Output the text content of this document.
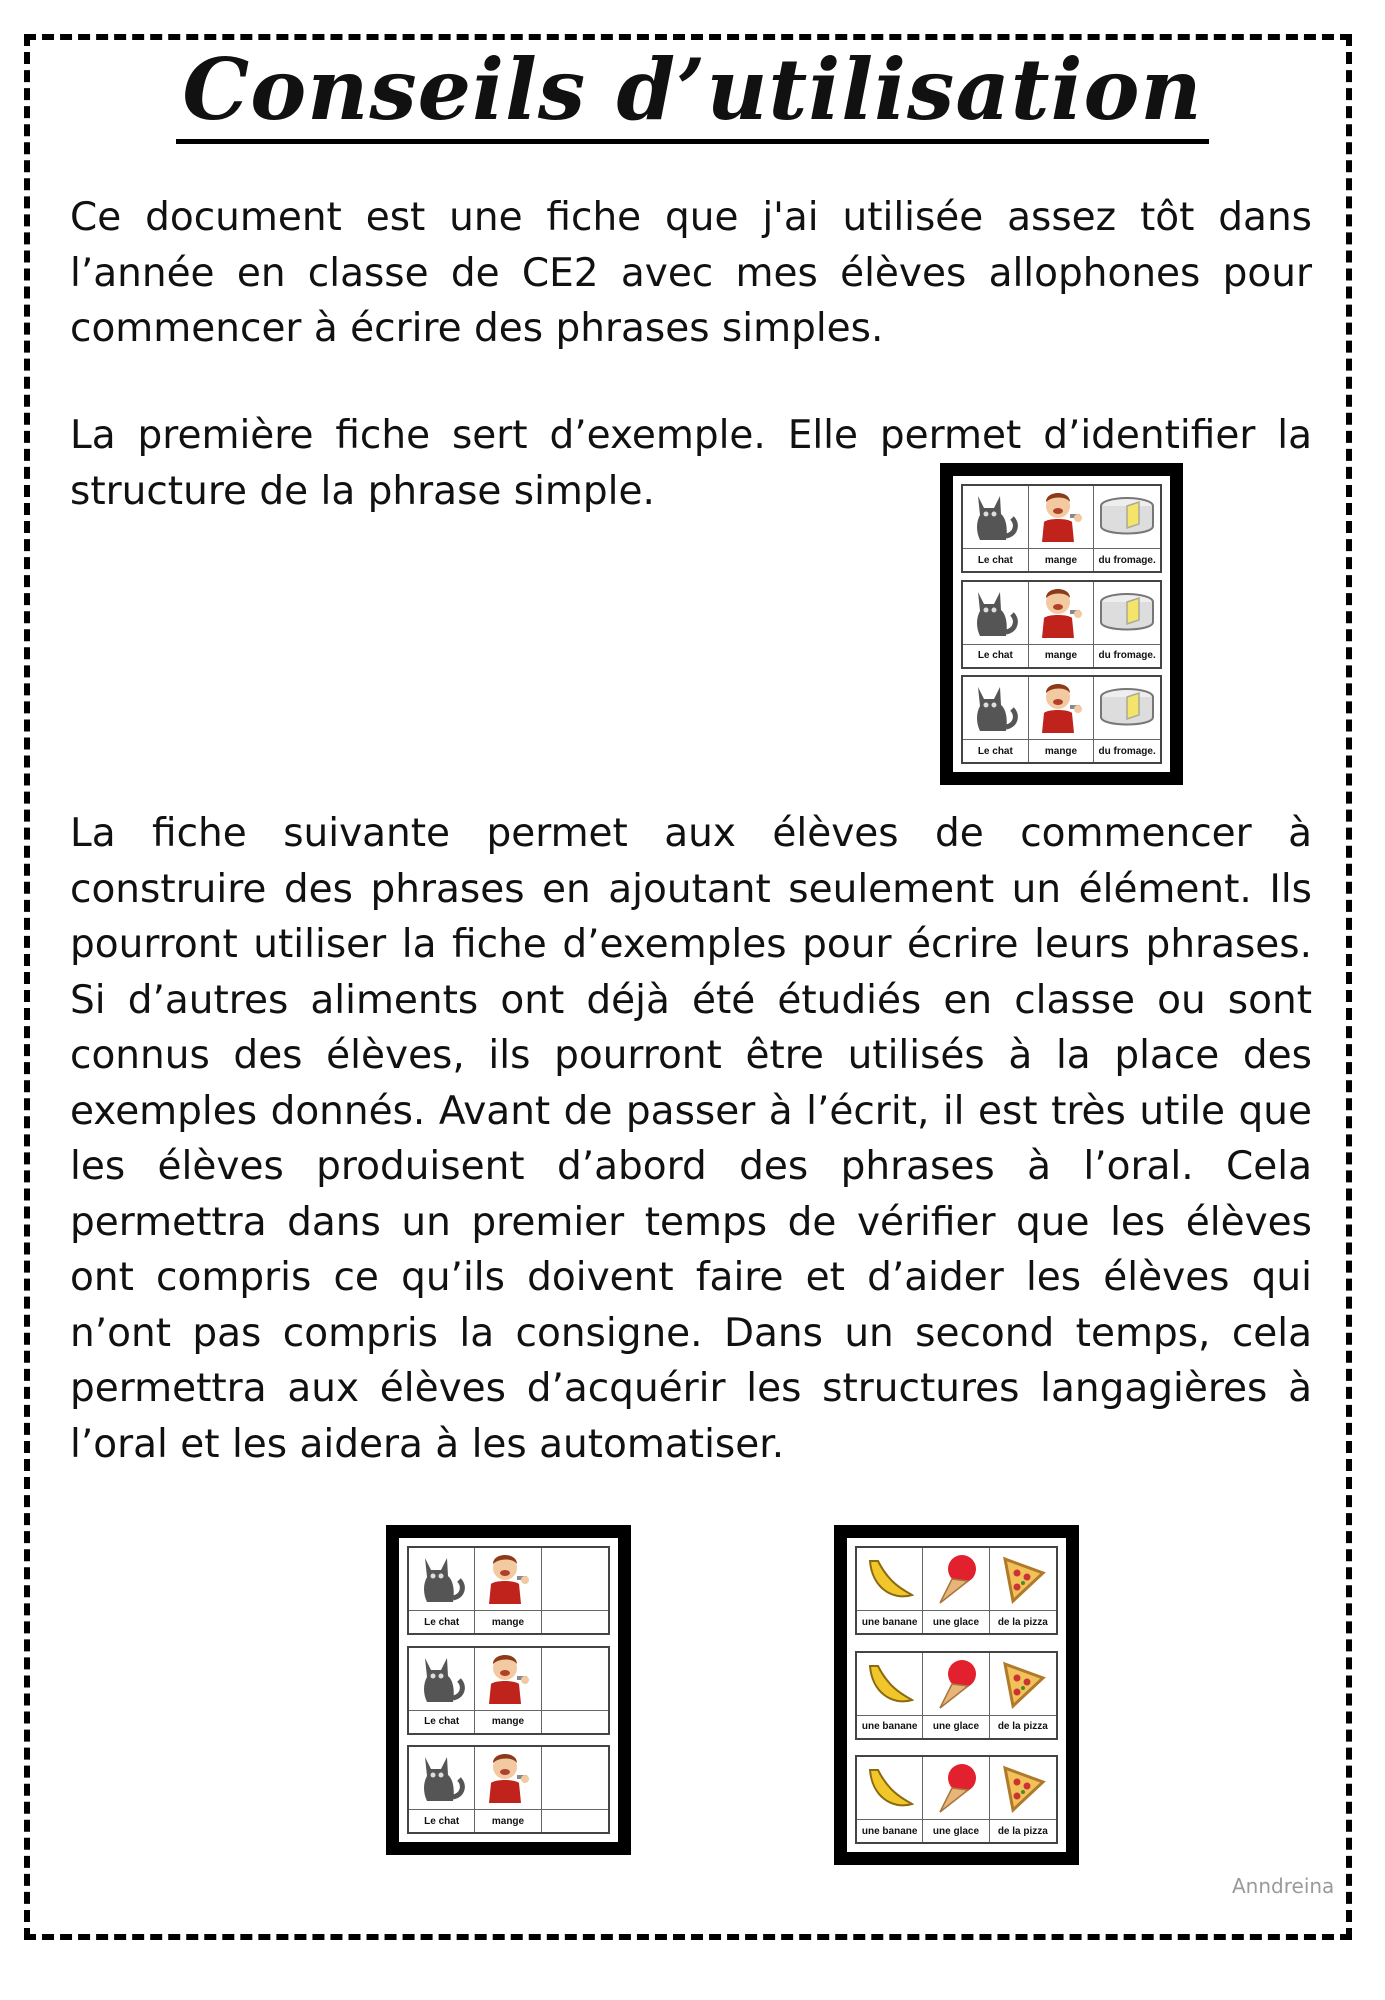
Conseils d’utilisation
Ce document est une fiche que j'ai utilisée assez tôt dans l’année en classe de CE2 avec mes élèves allophones pour commencer à écrire des phrases simples.
La première fiche sert d’exemple. Elle permet d’identifier la structure de la phrase simple.
La fiche suivante permet aux élèves de commencer à construire des phrases en ajoutant seulement un élément. Ils pourront utiliser la fiche d’exemples pour écrire leurs phrases. Si d’autres aliments ont déjà été étudiés en classe ou sont connus des élèves, ils pourront être utilisés à la place des exemples donnés. Avant de passer à l’écrit, il est très utile que les élèves produisent d’abord des phrases à l’oral. Cela permettra dans un premier temps de vérifier que les élèves ont compris ce qu’ils doivent faire et d’aider les élèves qui n’ont pas compris la consigne. Dans un second temps, cela permettra aux élèves d’acquérir les structures langagières à l’oral et les aidera à les automatiser.
Le chat	mange	du fromage.
Le chat	mange	du fromage.
Le chat	mange	du fromage.
Le chat	mange
Le chat	mange
Le chat	mange
une banane	une glace	de la pizza
une banane	une glace	de la pizza
une banane	une glace	de la pizza
Anndreina
